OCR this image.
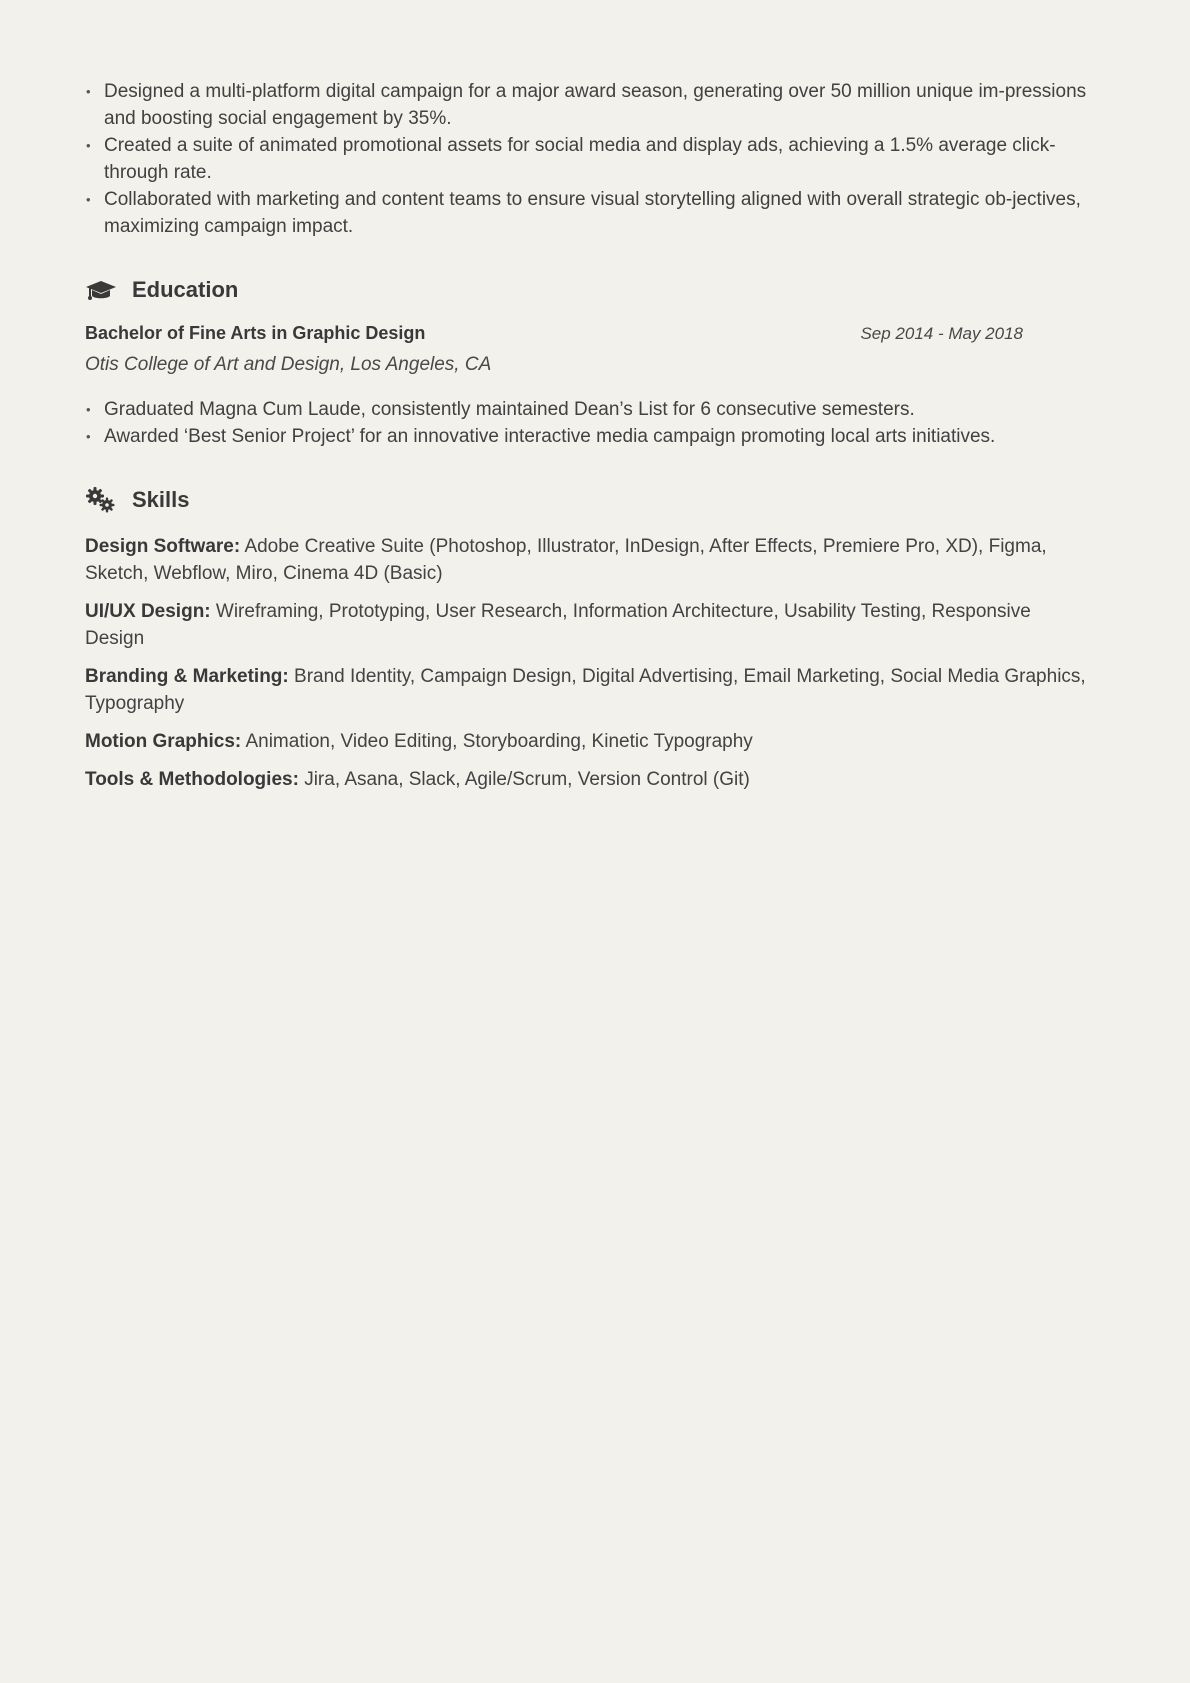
• Designed a multi-platform digital campaign for a major award season, generating over 50 million unique im-pressions and boosting social engagement by 35%.
• Created a suite of animated promotional assets for social media and display ads, achieving a 1.5% average click-through rate.
• Collaborated with marketing and content teams to ensure visual storytelling aligned with overall strategic ob-jectives, maximizing campaign impact.
Education
Bachelor of Fine Arts in Graphic Design	Sep 2014 - May 2018
Otis College of Art and Design, Los Angeles, CA
• Graduated Magna Cum Laude, consistently maintained Dean’s List for 6 consecutive semesters.
• Awarded ‘Best Senior Project’ for an innovative interactive media campaign promoting local arts initiatives.
Skills
Design Software: Adobe Creative Suite (Photoshop, Illustrator, InDesign, After Effects, Premiere Pro, XD), Figma, Sketch, Webflow, Miro, Cinema 4D (Basic)
UI/UX Design: Wireframing, Prototyping, User Research, Information Architecture, Usability Testing, Responsive Design
Branding & Marketing: Brand Identity, Campaign Design, Digital Advertising, Email Marketing, Social Media Graphics, Typography
Motion Graphics: Animation, Video Editing, Storyboarding, Kinetic Typography
Tools & Methodologies: Jira, Asana, Slack, Agile/Scrum, Version Control (Git)
